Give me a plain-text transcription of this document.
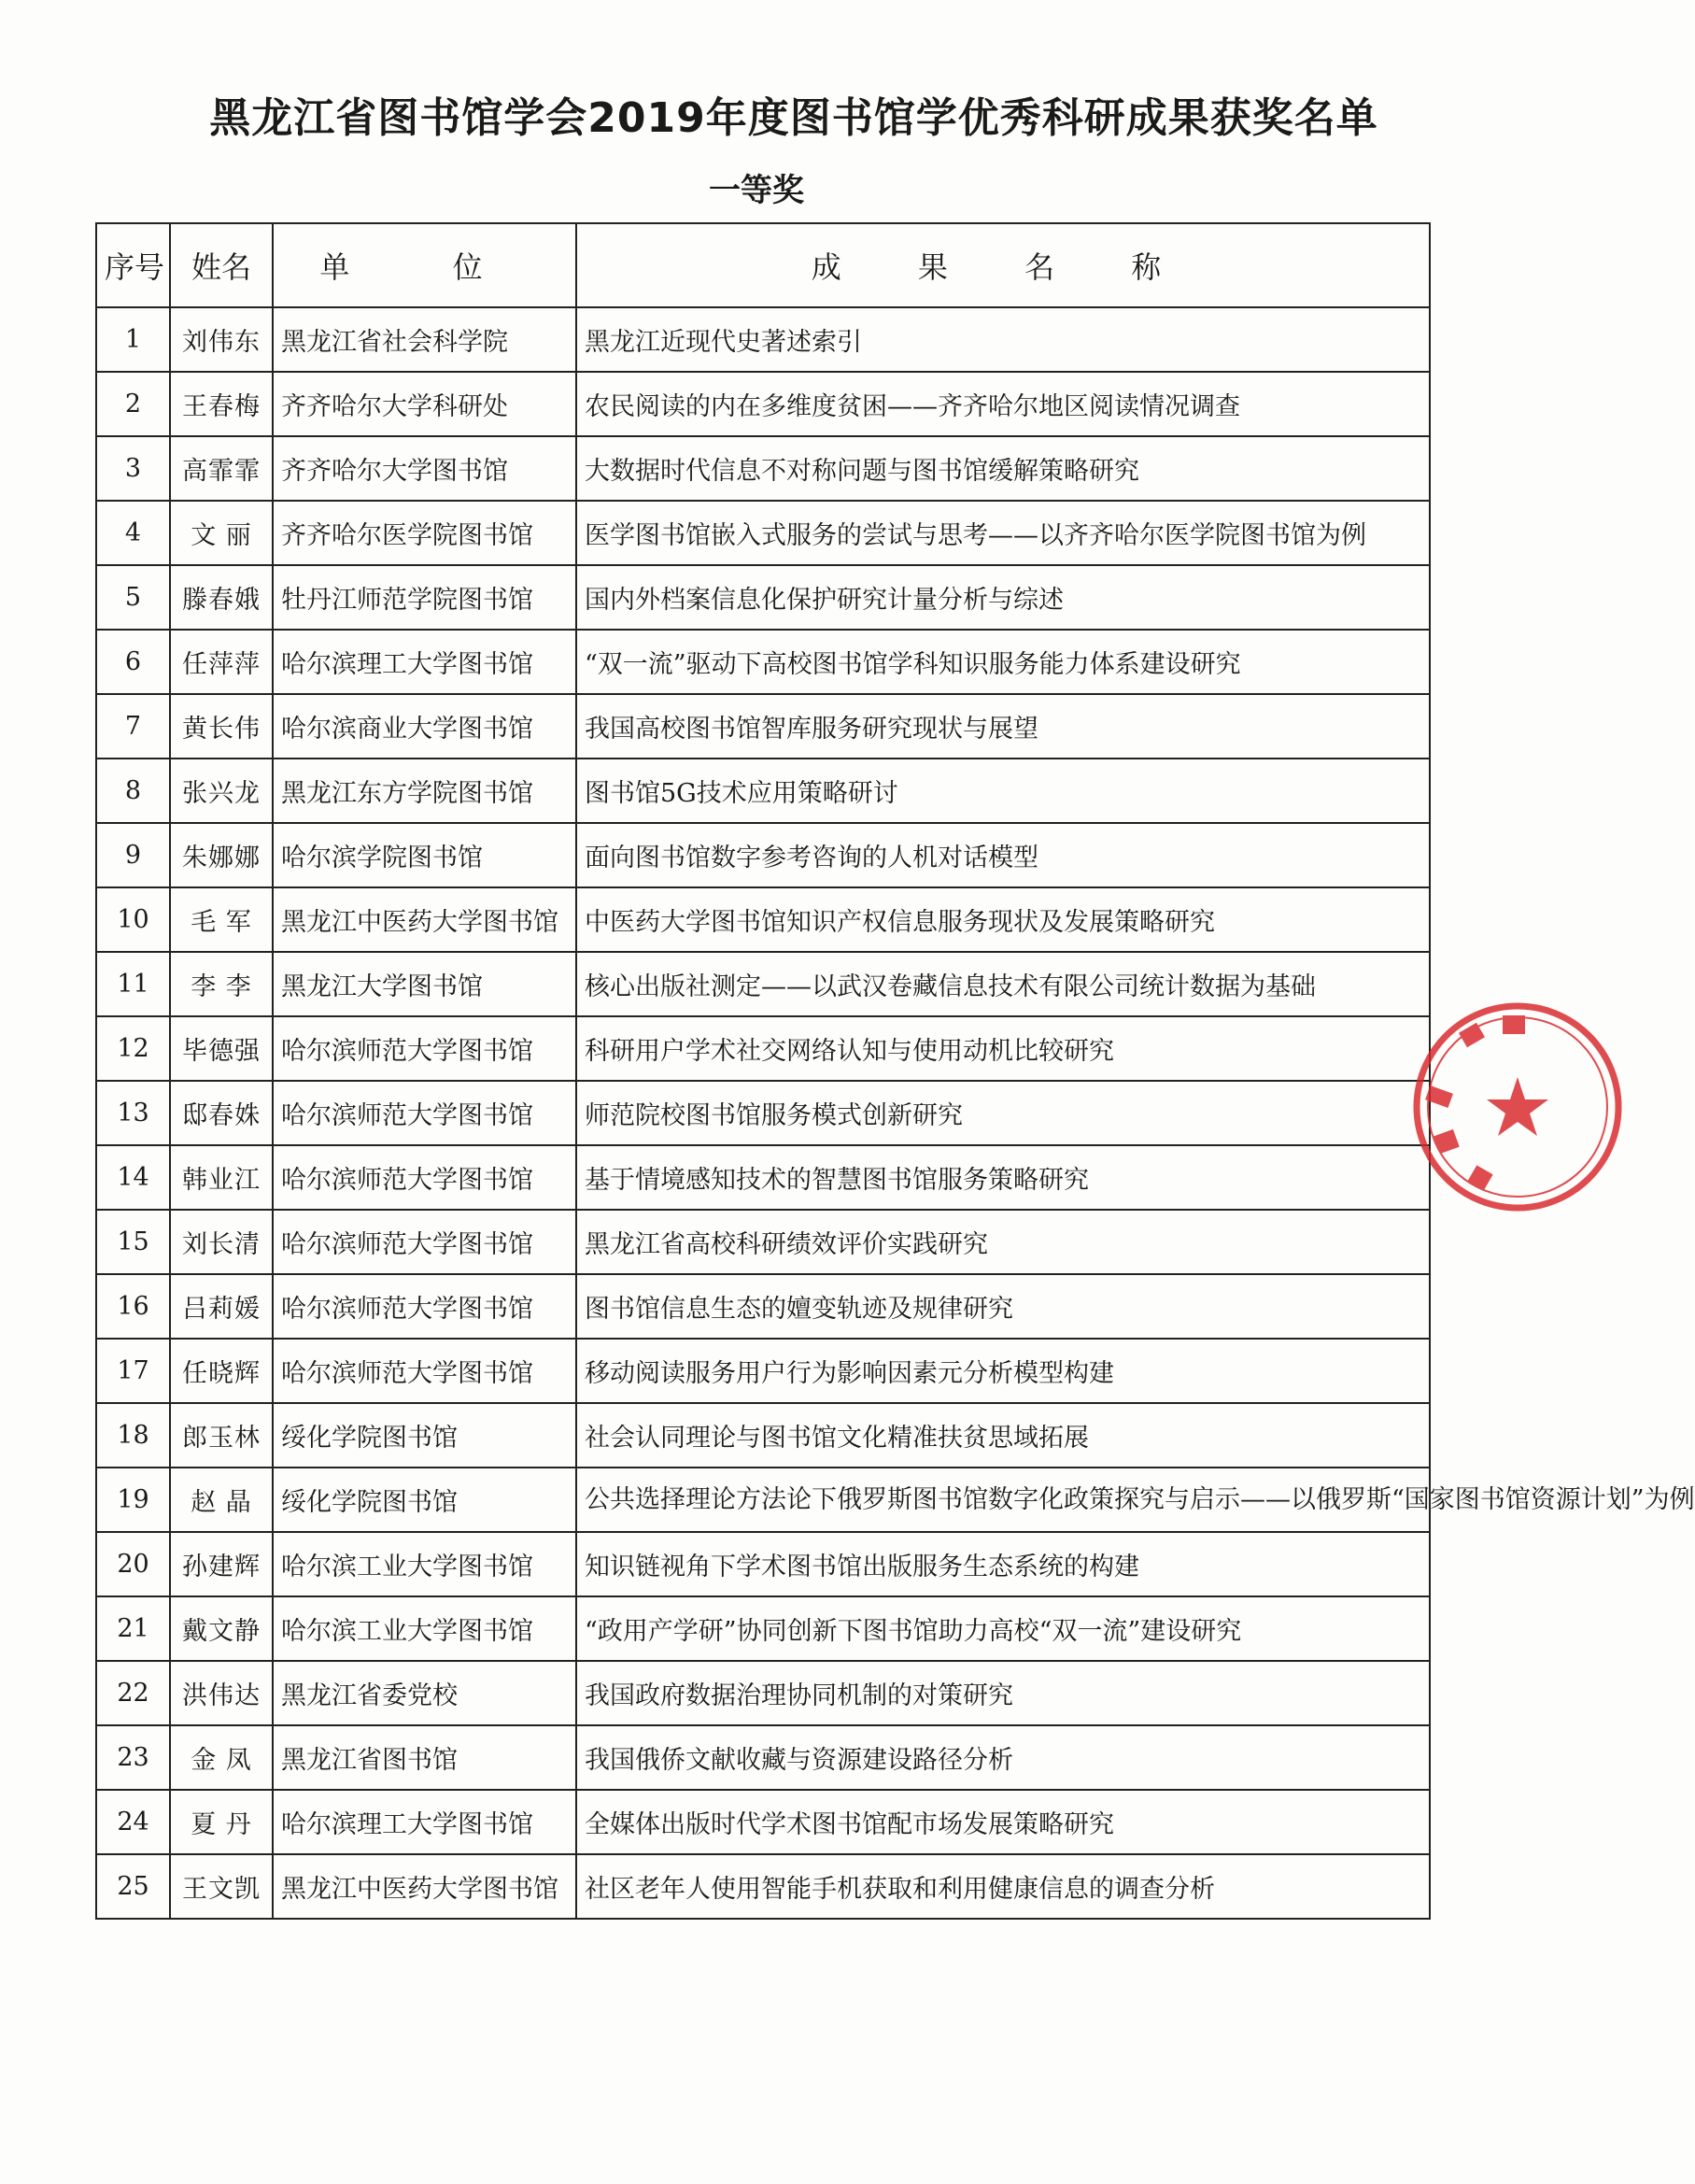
黑龙江省图书馆学会2019年度图书馆学优秀科研成果获奖名单
一等奖
序号	姓名	单 位	成 果 名 称
1	刘伟东	黑龙江省社会科学院	黑龙江近现代史著述索引
2	王春梅	齐齐哈尔大学科研处	农民阅读的内在多维度贫困——齐齐哈尔地区阅读情况调查
3	高霏霏	齐齐哈尔大学图书馆	大数据时代信息不对称问题与图书馆缓解策略研究
4	文 丽	齐齐哈尔医学院图书馆	医学图书馆嵌入式服务的尝试与思考——以齐齐哈尔医学院图书馆为例
5	滕春娥	牡丹江师范学院图书馆	国内外档案信息化保护研究计量分析与综述
6	任萍萍	哈尔滨理工大学图书馆	“双一流”驱动下高校图书馆学科知识服务能力体系建设研究
7	黄长伟	哈尔滨商业大学图书馆	我国高校图书馆智库服务研究现状与展望
8	张兴龙	黑龙江东方学院图书馆	图书馆5G技术应用策略研讨
9	朱娜娜	哈尔滨学院图书馆	面向图书馆数字参考咨询的人机对话模型
10	毛 军	黑龙江中医药大学图书馆	中医药大学图书馆知识产权信息服务现状及发展策略研究
11	李 李	黑龙江大学图书馆	核心出版社测定——以武汉卷藏信息技术有限公司统计数据为基础
12	毕德强	哈尔滨师范大学图书馆	科研用户学术社交网络认知与使用动机比较研究
13	邸春姝	哈尔滨师范大学图书馆	师范院校图书馆服务模式创新研究
14	韩业江	哈尔滨师范大学图书馆	基于情境感知技术的智慧图书馆服务策略研究
15	刘长清	哈尔滨师范大学图书馆	黑龙江省高校科研绩效评价实践研究
16	吕莉媛	哈尔滨师范大学图书馆	图书馆信息生态的嬗变轨迹及规律研究
17	任晓辉	哈尔滨师范大学图书馆	移动阅读服务用户行为影响因素元分析模型构建
18	郎玉林	绥化学院图书馆	社会认同理论与图书馆文化精准扶贫思域拓展
19	赵 晶	绥化学院图书馆	公共选择理论方法论下俄罗斯图书馆数字化政策探究与启示——以俄罗斯“国家图书馆资源计划”为例
20	孙建辉	哈尔滨工业大学图书馆	知识链视角下学术图书馆出版服务生态系统的构建
21	戴文静	哈尔滨工业大学图书馆	“政用产学研”协同创新下图书馆助力高校“双一流”建设研究
22	洪伟达	黑龙江省委党校	我国政府数据治理协同机制的对策研究
23	金 凤	黑龙江省图书馆	我国俄侨文献收藏与资源建设路径分析
24	夏 丹	哈尔滨理工大学图书馆	全媒体出版时代学术图书馆配市场发展策略研究
25	王文凯	黑龙江中医药大学图书馆	社区老年人使用智能手机获取和利用健康信息的调查分析
